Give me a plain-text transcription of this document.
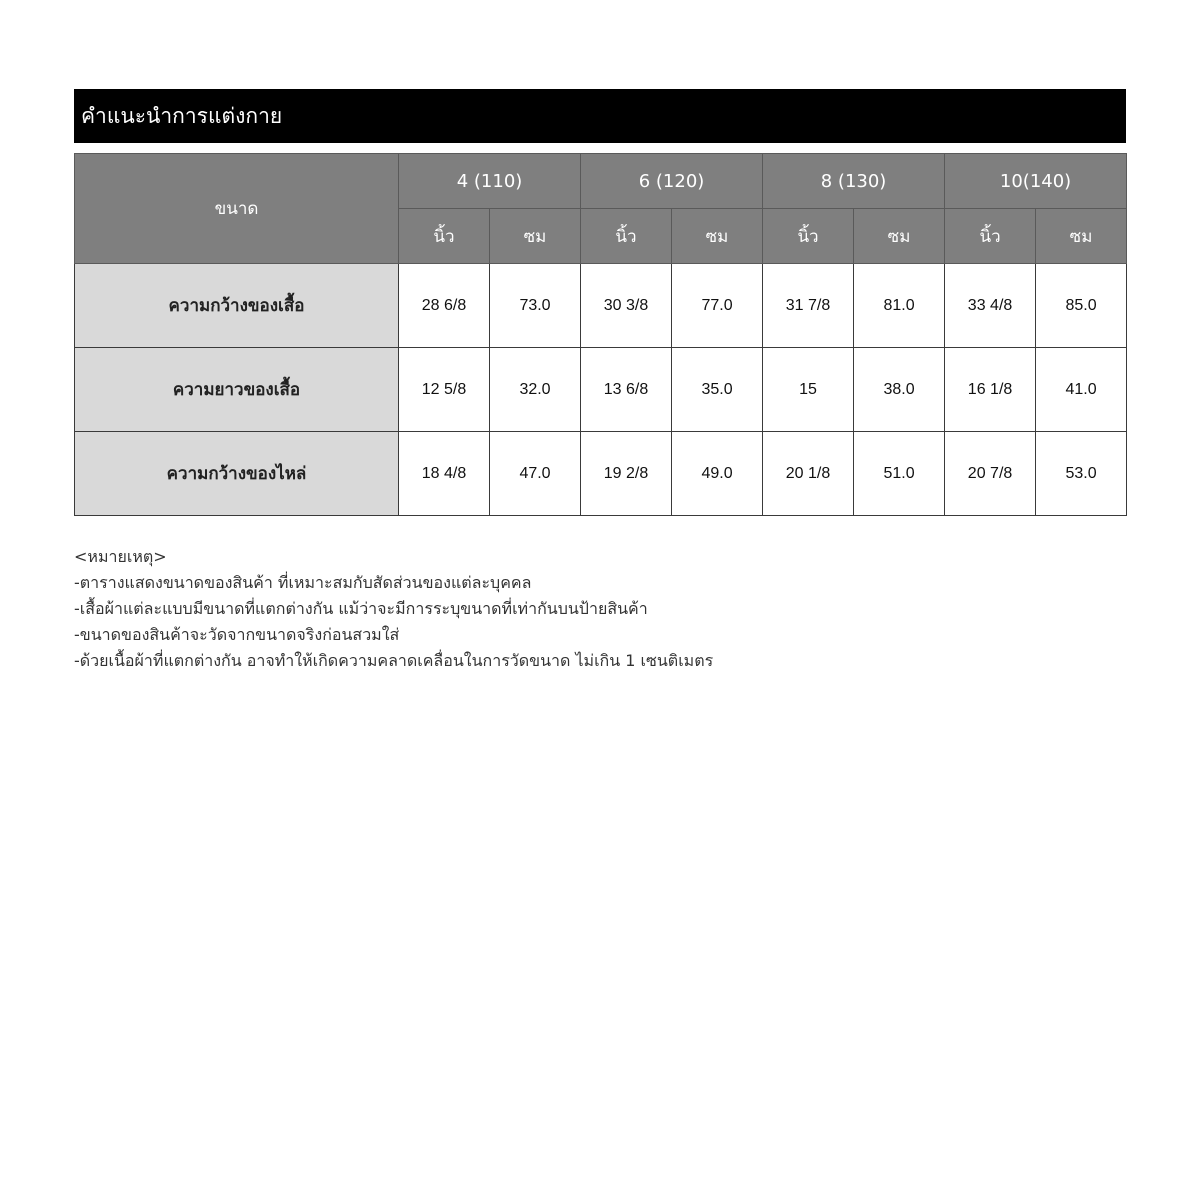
คำแนะนำการแต่งกาย
ขนาด	4 (110)		6 (120)		8 (130)		10(140)	
	นิ้ว	ซม	นิ้ว	ซม	นิ้ว	ซม	นิ้ว	ซม
ความกว้างของเสื้อ	28 6/8	73.0	30 3/8	77.0	31 7/8	81.0	33 4/8	85.0
ความยาวของเสื้อ	12 5/8	32.0	13 6/8	35.0	15	38.0	16 1/8	41.0
ความกว้างของไหล่	18 4/8	47.0	19 2/8	49.0	20 1/8	51.0	20 7/8	53.0
<หมายเหตุ>
-ตารางแสดงขนาดของสินค้า ที่เหมาะสมกับสัดส่วนของแต่ละบุคคล
-เสื้อผ้าแต่ละแบบมีขนาดที่แตกต่างกัน แม้ว่าจะมีการระบุขนาดที่เท่ากันบนป้ายสินค้า
-ขนาดของสินค้าจะวัดจากขนาดจริงก่อนสวมใส่
-ด้วยเนื้อผ้าที่แตกต่างกัน อาจทำให้เกิดความคลาดเคลื่อนในการวัดขนาด ไม่เกิน 1 เซนติเมตร
